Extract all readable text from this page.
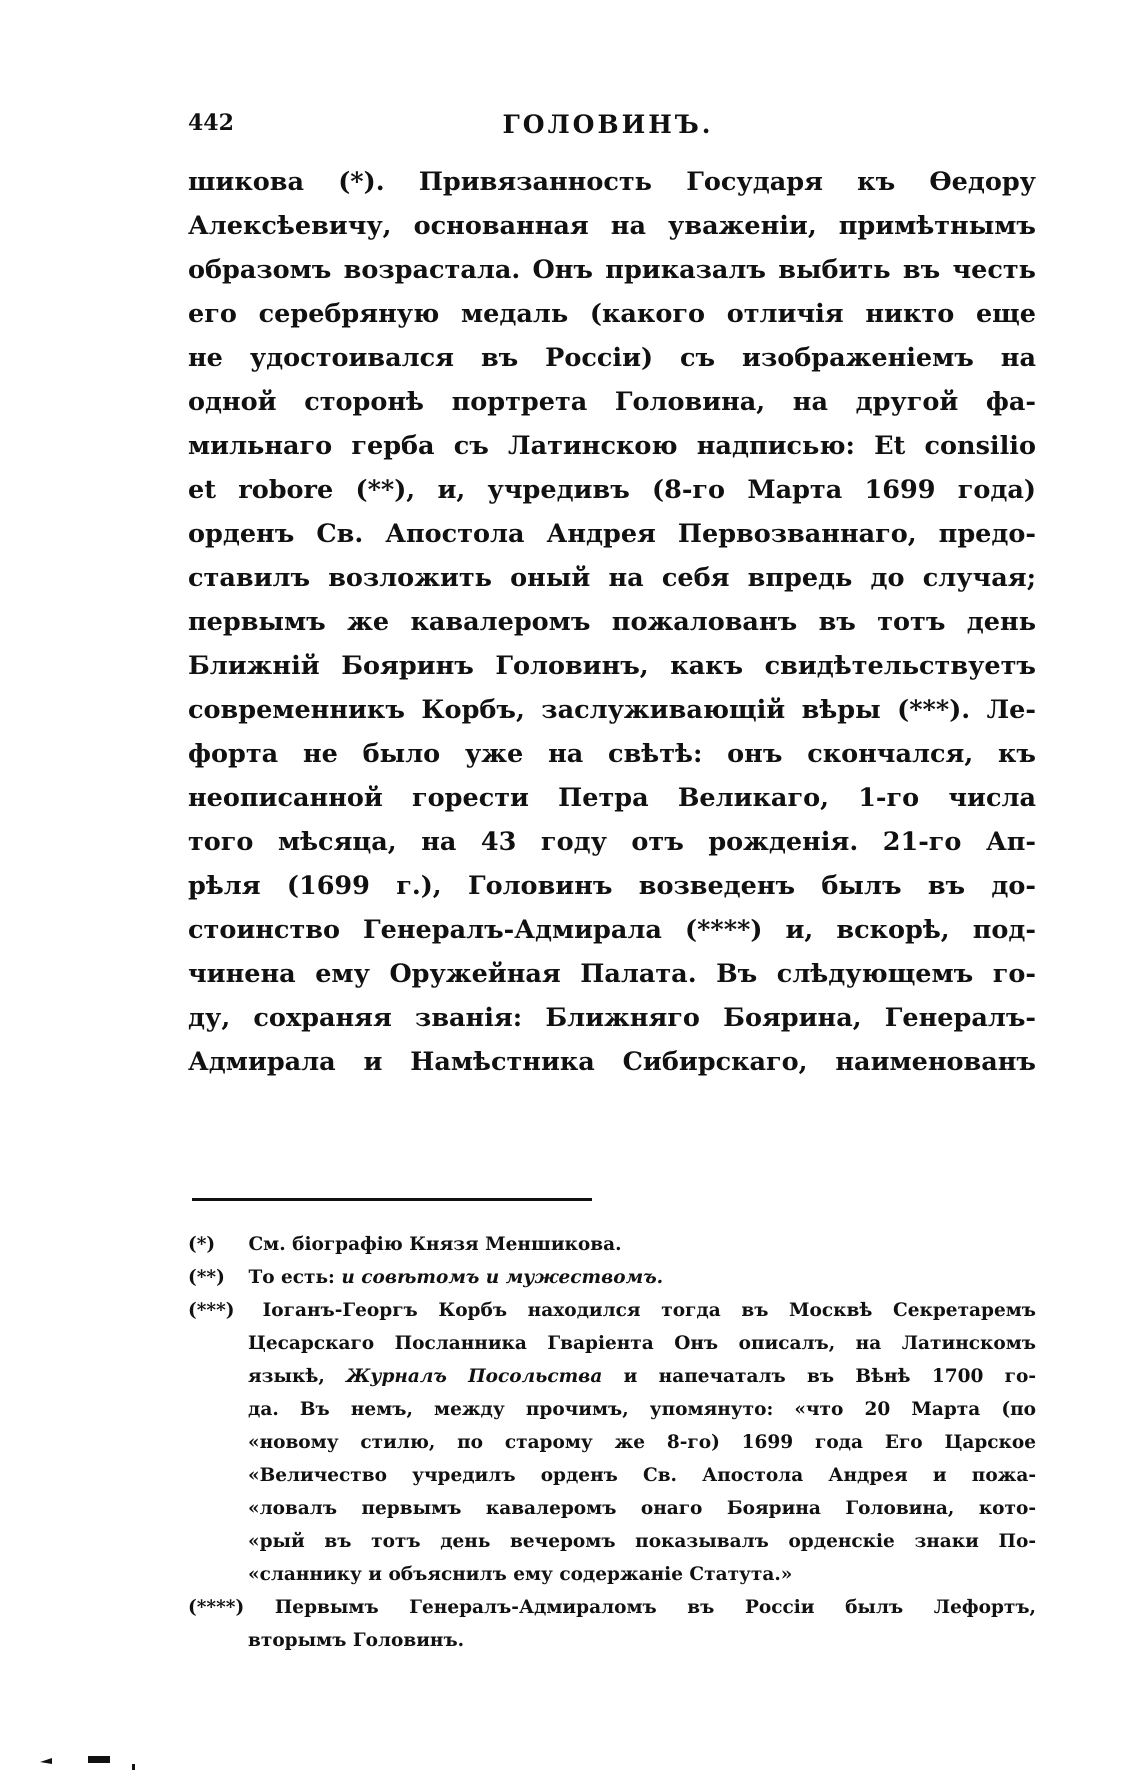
442	ГОЛОВИНЪ.
шикова (*). Привязанность Государя къ Ѳедору
Алексѣевичу, основанная на уваженіи, примѣтнымъ
образомъ возрастала. Онъ приказалъ выбить въ честь
его серебряную медаль (какого отличія никто еще
не удостоивался въ Россіи) съ изображеніемъ на
одной сторонѣ портрета Головина, на другой фа-
мильнаго герба съ Латинскою надписью: Et consilio
et robore (**), и, учредивъ (8-го Марта 1699 года)
орденъ Св. Апостола Андрея Первозваннаго, предо-
ставилъ возложить оный на себя впредь до случая;
первымъ же кавалеромъ пожалованъ въ тотъ день
Ближній Бояринъ Головинъ, какъ свидѣтельствуетъ
современникъ Корбъ, заслуживающій вѣры (***). Ле-
форта не было уже на свѣтѣ: онъ скончался, къ
неописанной горести Петра Великаго, 1-го числа
того мѣсяца, на 43 году отъ рожденія. 21-го Ап-
рѣля (1699 г.), Головинъ возведенъ былъ въ до-
стоинство Генералъ-Адмирала (****) и, вскорѣ, под-
чинена ему Оружейная Палата. Въ слѣдующемъ го-
ду, сохраняя званія: Ближняго Боярина, Генералъ-
Адмирала и Намѣстника Сибирскаго, наименованъ
(*) См. біографію Князя Меншикова.
(**) То есть: и совѣтомъ и мужествомъ.
(***) Іоганъ-Георгъ Корбъ находился тогда въ Москвѣ Секретаремъ
Цесарскаго Посланника Гваріента Онъ описалъ, на Латинскомъ
языкѣ, Журналъ Посольства и напечаталъ въ Вѣнѣ 1700 го-
да. Въ немъ, между прочимъ, упомянуто: «что 20 Марта (по
«новому стилю, по старому же 8-го) 1699 года Его Царское
«Величество учредилъ орденъ Св. Апостола Андрея и пожа-
«ловалъ первымъ кавалеромъ онаго Боярина Головина, кото-
«рый въ тотъ день вечеромъ показывалъ орденскіе знаки По-
«сланнику и объяснилъ ему содержаніе Статута.»
(****) Первымъ Генералъ-Адмираломъ въ Россіи былъ Лефортъ,
вторымъ Головинъ.
